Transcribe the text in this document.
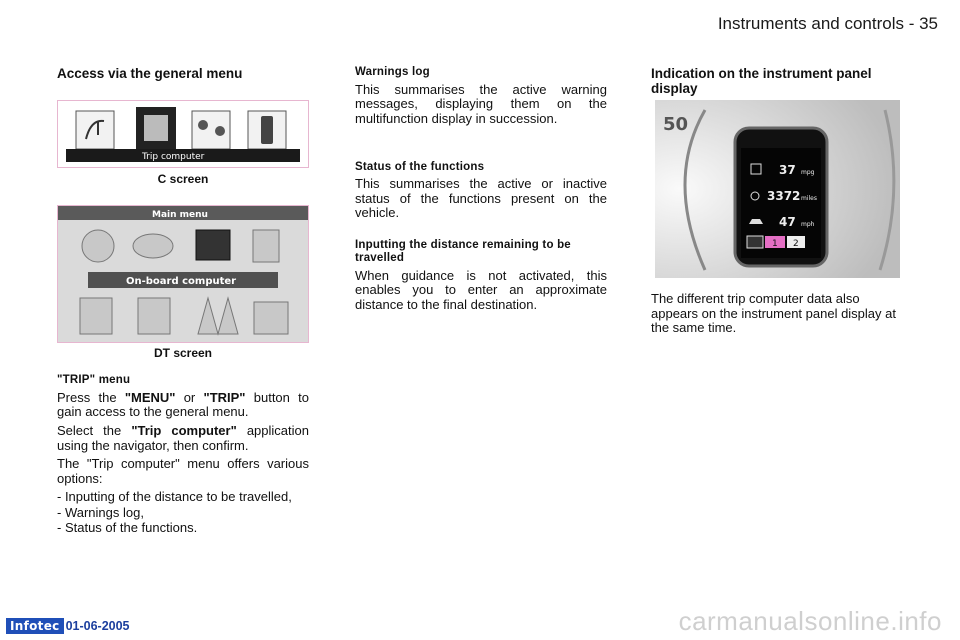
Instruments and controls - 35
Access via the general menu
Trip computer
C screen
Main menu
On-board computer
DT screen
"TRIP" menu

Press the "MENU" or "TRIP" button to gain access to the general menu.

Select the "Trip computer" application using the navigator, then confirm.

The "Trip computer" menu offers various options:

- Inputting of the distance to be travelled,
- Warnings log,
- Status of the functions.
Warnings log

This summarises the active warning messages, displaying them on the multifunction display in succession.

Status of the functions

This summarises the active or inactive status of the functions present on the vehicle.

Inputting the distance remaining to be travelled

When guidance is not activated, this enables you to enter an approximate distance to the final destination.

Indication on the instrument panel display
50
37 mpg
3372 miles
47 mph
1 2

The different trip computer data also appears on the instrument panel display at the same time.

Infotec 01-06-2005	carmanualsonline.info
